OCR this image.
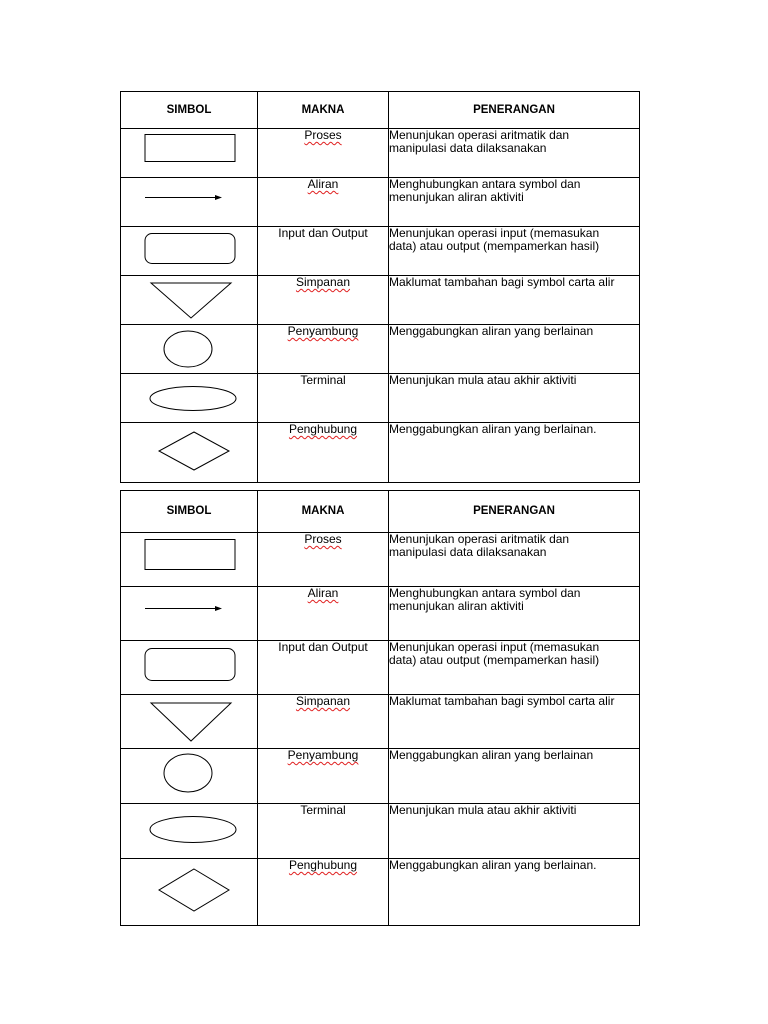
SIMBOL	MAKNA	PENERANGAN

	Proses	Menunjukan operasi aritmatik dan
manipulasi data dilaksanakan

	Aliran	Menghubungkan antara symbol dan
menunjukan aliran aktiviti

	Input dan Output	Menunjukan operasi input (memasukan
data) atau output (mempamerkan hasil)

	Simpanan	Maklumat tambahan bagi symbol carta alir

	Penyambung	Menggabungkan aliran yang berlainan

	Terminal	Menunjukan mula atau akhir aktiviti

	Penghubung	Menggabungkan aliran yang berlainan.
SIMBOL	MAKNA	PENERANGAN

	Proses	Menunjukan operasi aritmatik dan
manipulasi data dilaksanakan

	Aliran	Menghubungkan antara symbol dan
menunjukan aliran aktiviti

	Input dan Output	Menunjukan operasi input (memasukan
data) atau output (mempamerkan hasil)

	Simpanan	Maklumat tambahan bagi symbol carta alir

	Penyambung	Menggabungkan aliran yang berlainan

	Terminal	Menunjukan mula atau akhir aktiviti

	Penghubung	Menggabungkan aliran yang berlainan.
